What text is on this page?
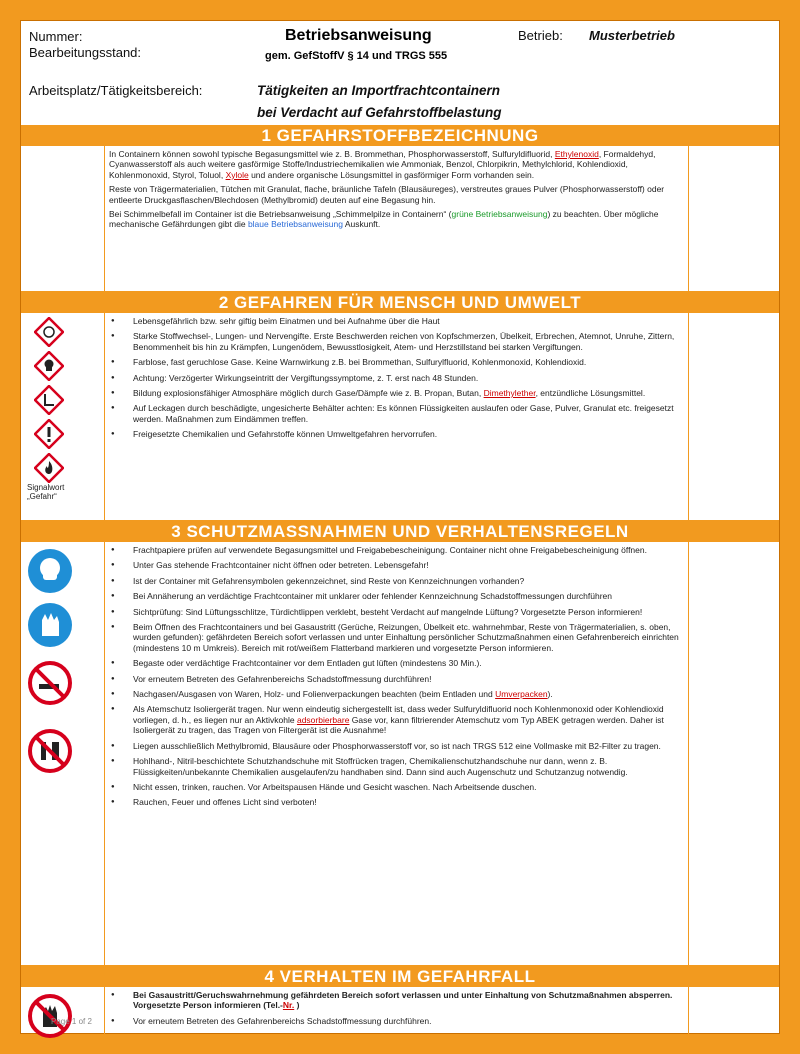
Nummer:
Bearbeitungsstand:
Betriebsanweisung
gem. GefStoffV § 14 und TRGS 555
Betrieb: Musterbetrieb
Arbeitsplatz/Tätigkeitsbereich:	Tätigkeiten an Importfrachtcontainern
bei Verdacht auf Gefahrstoffbelastung
1 GEFAHRSTOFFBEZEICHNUNG

In Containern können sowohl typische Begasungsmittel wie z. B. Brommethan, Phosphorwasserstoff, Sulfuryldifluorid, Ethylenoxid, Formaldehyd, Cyanwasserstoff als auch weitere gasförmige Stoffe/Industriechemikalien wie Ammoniak, Benzol, Chlorpikrin, Methylchlorid, Kohlendioxid, Kohlenmonoxid, Styrol, Toluol, Xylole und andere organische Lösungsmittel in gasförmiger Form vorhanden sein.

Reste von Trägermaterialien, Tütchen mit Granulat, flache, bräunliche Tafeln (Blausäureges), verstreutes graues Pulver (Phosphorwasserstoff) oder entleerte Druckgasflaschen/Blechdosen (Methylbromid) deuten auf eine Begasung hin.

Bei Schimmelbefall im Container ist die Betriebsanweisung „Schimmelpilze in Containern“ (grüne Betriebsanweisung) zu beachten. Über mögliche mechanische Gefährdungen gibt die blaue Betriebsanweisung Auskunft.

2 GEFAHREN FÜR MENSCH UND UMWELT
Signalwort
„Gefahr“
● Lebensgefährlich bzw. sehr giftig beim Einatmen und bei Aufnahme über die Haut
● Starke Stoffwechsel-, Lungen- und Nervengifte. Erste Beschwerden reichen von Kopfschmerzen, Übelkeit, Erbrechen, Atemnot, Unruhe, Zittern, Benommenheit bis hin zu Krämpfen, Lungenödem, Bewusstlosigkeit, Atem- und Herzstillstand bei starken Vergiftungen.
● Farblose, fast geruchlose Gase. Keine Warnwirkung z.B. bei Brommethan, Sulfurylfluorid, Kohlenmonoxid, Kohlendioxid.
● Achtung: Verzögerter Wirkungseintritt der Vergiftungssymptome, z. T. erst nach 48 Stunden.
● Bildung explosionsfähiger Atmosphäre möglich durch Gase/Dämpfe wie z. B. Propan, Butan, Dimethylether, entzündliche Lösungsmittel.
● Auf Leckagen durch beschädigte, ungesicherte Behälter achten: Es können Flüssigkeiten auslaufen oder Gase, Pulver, Granulat etc. freigesetzt werden. Maßnahmen zum Eindämmen treffen.
● Freigesetzte Chemikalien und Gefahrstoffe können Umweltgefahren hervorrufen.
3 SCHUTZMASSNAHMEN UND VERHALTENSREGELN
● Frachtpapiere prüfen auf verwendete Begasungsmittel und Freigabebescheinigung. Container nicht ohne Freigabebescheinigung öffnen.
● Unter Gas stehende Frachtcontainer nicht öffnen oder betreten. Lebensgefahr!
● Ist der Container mit Gefahrensymbolen gekennzeichnet, sind Reste von Kennzeichnungen vorhanden?
● Bei Annäherung an verdächtige Frachtcontainer mit unklarer oder fehlender Kennzeichnung Schadstoffmessungen durchführen
● Sichtprüfung: Sind Lüftungsschlitze, Türdichtlippen verklebt, besteht Verdacht auf mangelnde Lüftung? Vorgesetzte Person informieren!
● Beim Öffnen des Frachtcontainers und bei Gasaustritt (Gerüche, Reizungen, Übelkeit etc. wahrnehmbar, Reste von Trägermaterialien, s. oben, wurden gefunden): gefährdeten Bereich sofort verlassen und unter Einhaltung persönlicher Schutzmaßnahmen einen Gefahrenbereich einrichten (mindestens 10 m Umkreis). Bereich mit rot/weißem Flatterband markieren und vorgesetzte Person informieren.
● Begaste oder verdächtige Frachtcontainer vor dem Entladen gut lüften (mindestens 30 Min.).
● Vor erneutem Betreten des Gefahrenbereichs Schadstoffmessung durchführen!
● Nachgasen/Ausgasen von Waren, Holz- und Folienverpackungen beachten (beim Entladen und Umverpacken).
● Als Atemschutz Isoliergerät tragen. Nur wenn eindeutig sichergestellt ist, dass weder Sulfuryldifluorid noch Kohlenmonoxid oder Kohlendioxid vorliegen, d. h., es liegen nur an Aktivkohle adsorbierbare Gase vor, kann filtrierender Atemschutz vom Typ ABEK getragen werden. Daher ist Isoliergerät zu tragen, das Tragen von Filtergerät ist die Ausnahme!
● Liegen ausschließlich Methylbromid, Blausäure oder Phosphorwasserstoff vor, so ist nach TRGS 512 eine Vollmaske mit B2-Filter zu tragen.
● Hohlhand-, Nitril-beschichtete Schutzhandschuhe mit Stoffrücken tragen, Chemikalienschutzhandschuhe nur dann, wenn z. B. Flüssigkeiten/unbekannte Chemikalien ausgelaufen/zu handhaben sind. Dann sind auch Augenschutz und Schutzanzug notwendig.
● Nicht essen, trinken, rauchen. Vor Arbeitspausen Hände und Gesicht waschen. Nach Arbeitsende duschen.
● Rauchen, Feuer und offenes Licht sind verboten!
4 VERHALTEN IM GEFAHRFALL
Page 1 of 2
● Bei Gasaustritt/Geruchswahrnehmung gefährdeten Bereich sofort verlassen und unter Einhaltung von Schutzmaßnahmen absperren. Vorgesetzte Person informieren (Tel.-Nr. )
● Vor erneutem Betreten des Gefahrenbereichs Schadstoffmessung durchführen.
